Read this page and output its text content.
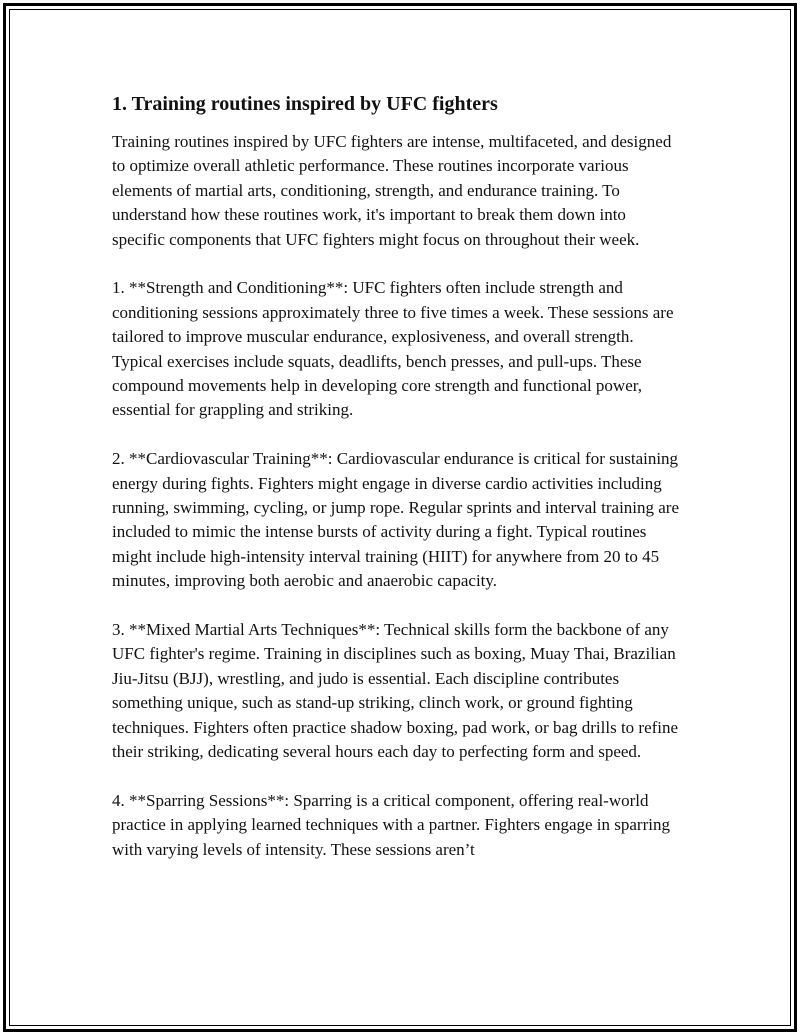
1. Training routines inspired by UFC fighters

Training routines inspired by UFC fighters are intense, multifaceted, and designed to optimize overall athletic performance. These routines incorporate various elements of martial arts, conditioning, strength, and endurance training. To understand how these routines work, it's important to break them down into specific components that UFC fighters might focus on throughout their week.

1. **Strength and Conditioning**: UFC fighters often include strength and conditioning sessions approximately three to five times a week. These sessions are tailored to improve muscular endurance, explosiveness, and overall strength. Typical exercises include squats, deadlifts, bench presses, and pull-ups. These compound movements help in developing core strength and functional power, essential for grappling and striking.

2. **Cardiovascular Training**: Cardiovascular endurance is critical for sustaining energy during fights. Fighters might engage in diverse cardio activities including running, swimming, cycling, or jump rope. Regular sprints and interval training are included to mimic the intense bursts of activity during a fight. Typical routines might include high-intensity interval training (HIIT) for anywhere from 20 to 45 minutes, improving both aerobic and anaerobic capacity.

3. **Mixed Martial Arts Techniques**: Technical skills form the backbone of any UFC fighter's regime. Training in disciplines such as boxing, Muay Thai, Brazilian Jiu-Jitsu (BJJ), wrestling, and judo is essential. Each discipline contributes something unique, such as stand-up striking, clinch work, or ground fighting techniques. Fighters often practice shadow boxing, pad work, or bag drills to refine their striking, dedicating several hours each day to perfecting form and speed.

4. **Sparring Sessions**: Sparring is a critical component, offering real-world practice in applying learned techniques with a partner. Fighters engage in sparring with varying levels of intensity. These sessions aren’t
